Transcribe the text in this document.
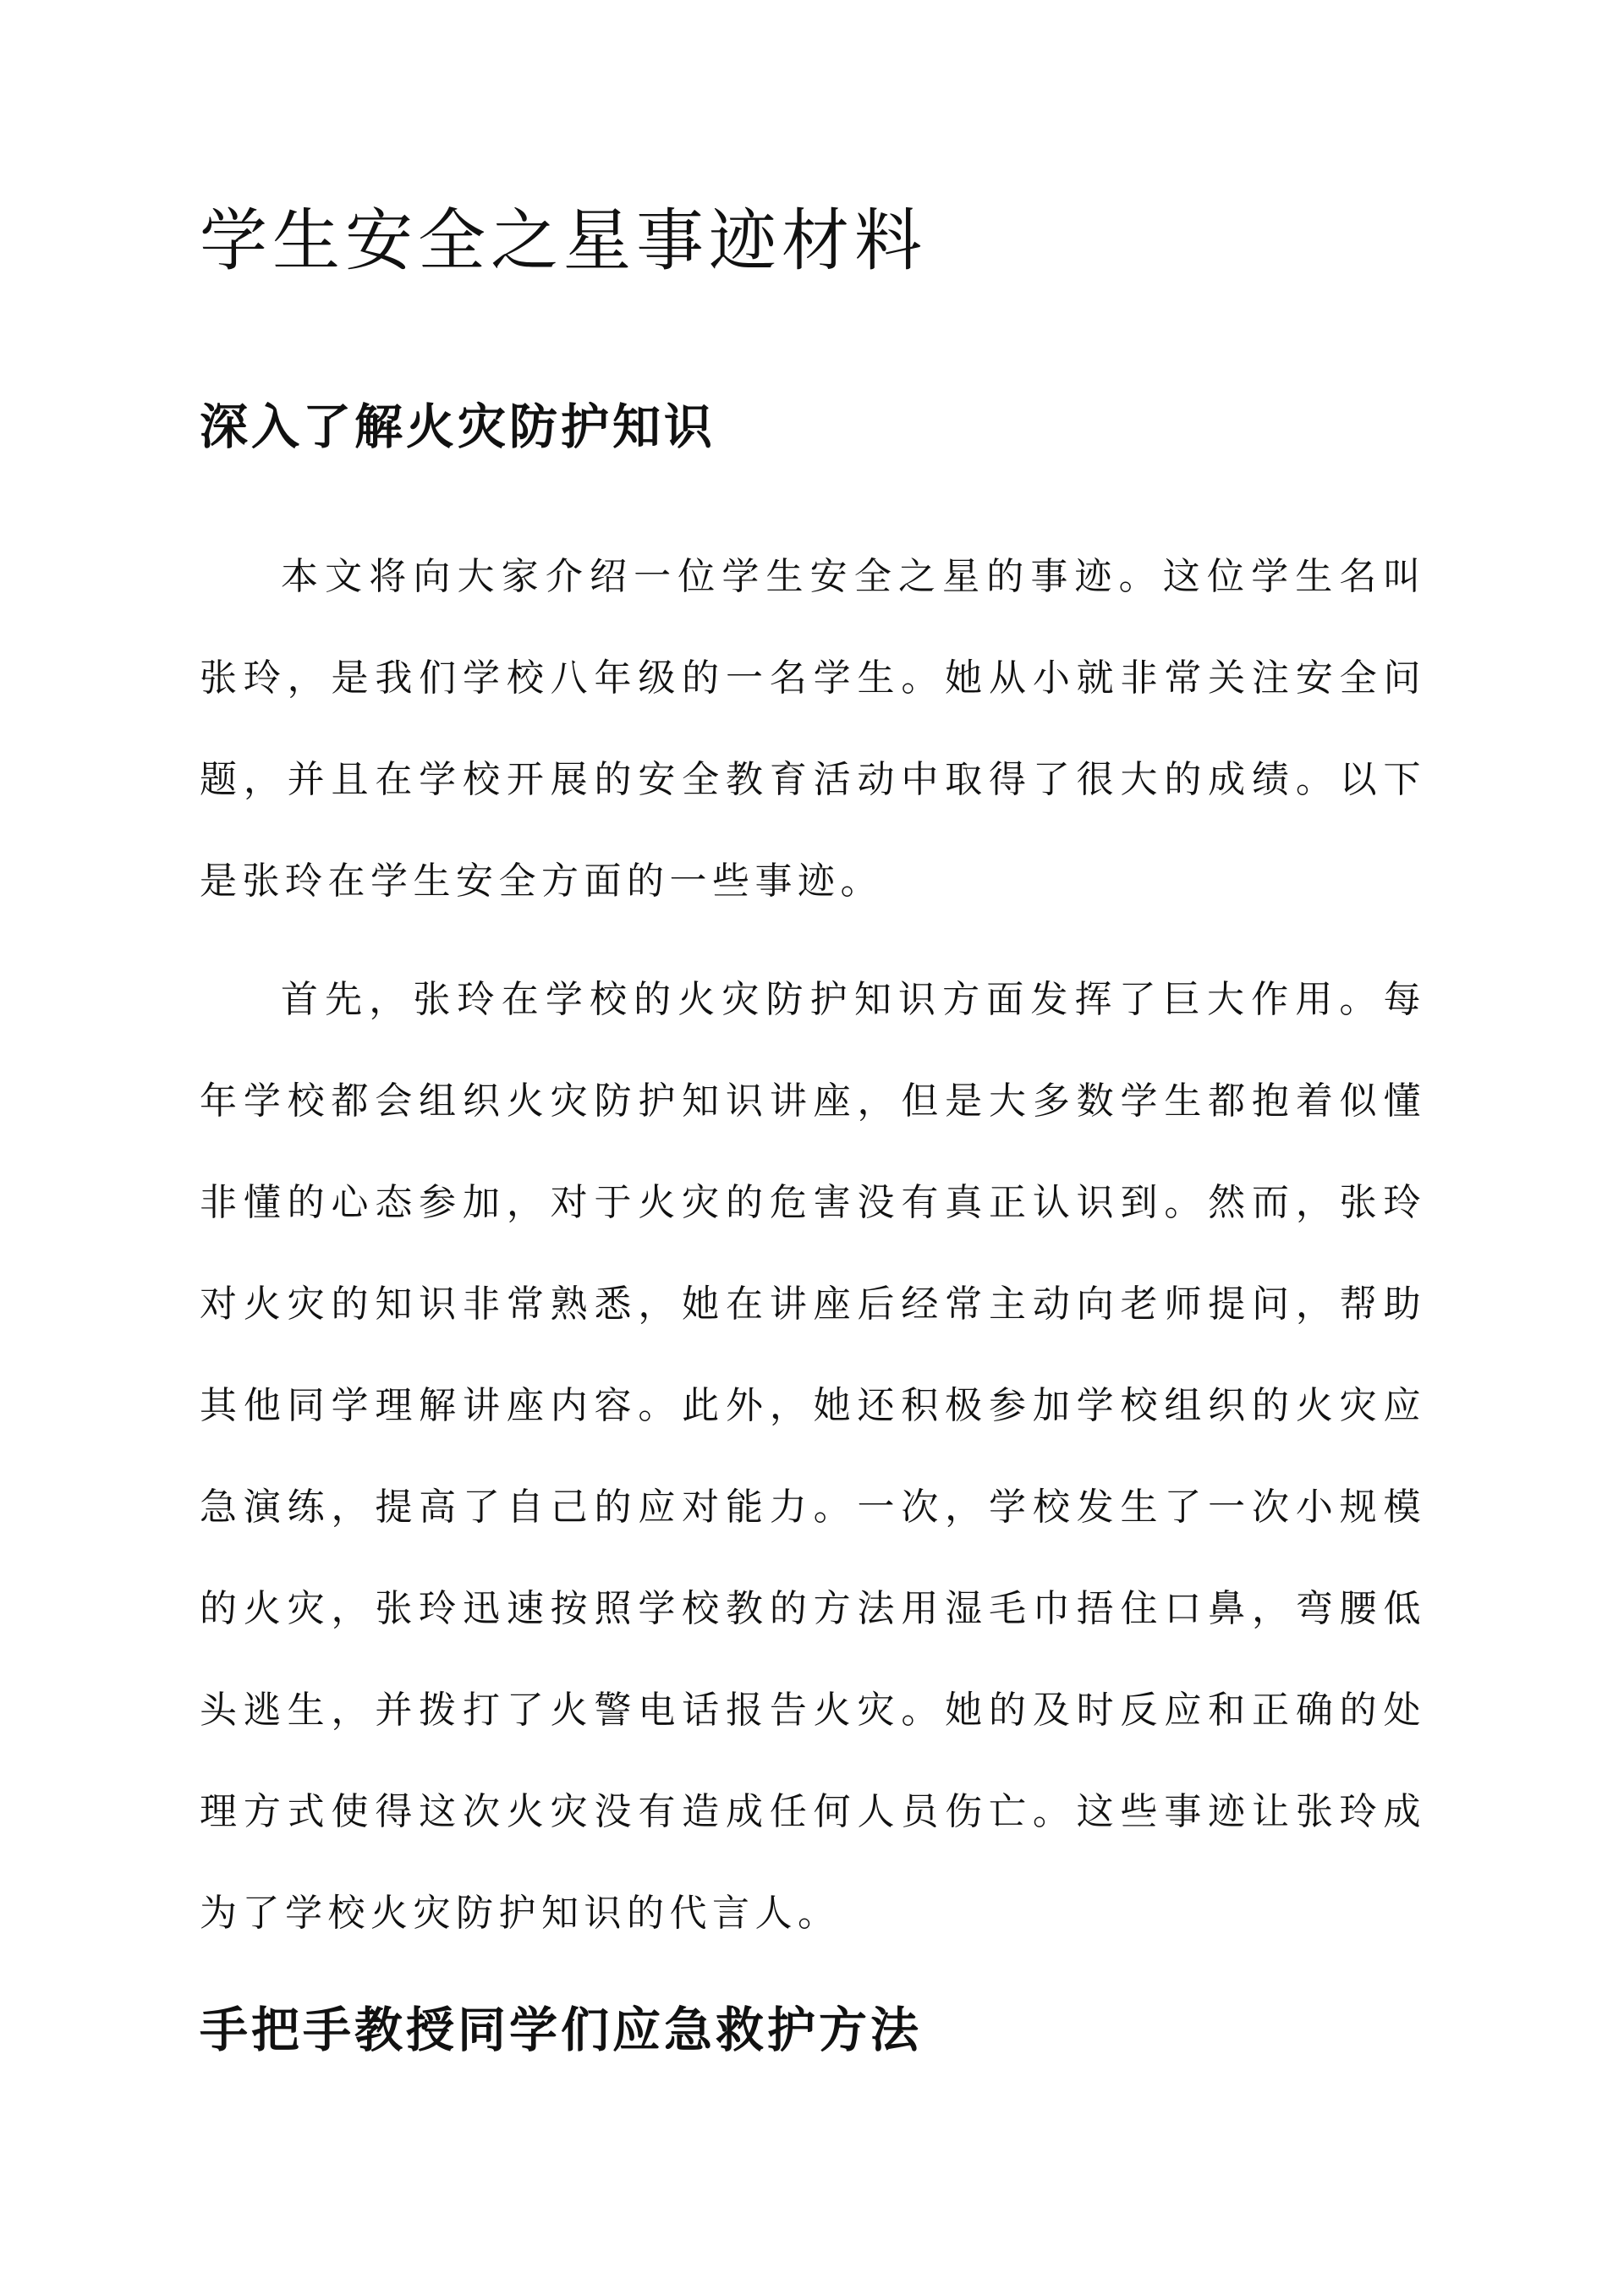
学生安全之星事迹材料
深入了解火灾防护知识

本文将向大家介绍一位学生安全之星的事迹。这位学生名叫张玲，是我们学校八年级的一名学生。她从小就非常关注安全问题，并且在学校开展的安全教育活动中取得了很大的成绩。以下是张玲在学生安全方面的一些事迹。

首先，张玲在学校的火灾防护知识方面发挥了巨大作用。每年学校都会组织火灾防护知识讲座，但是大多数学生都抱着似懂非懂的心态参加，对于火灾的危害没有真正认识到。然而，张玲对火灾的知识非常熟悉，她在讲座后经常主动向老师提问，帮助其他同学理解讲座内容。此外，她还积极参加学校组织的火灾应急演练，提高了自己的应对能力。一次，学校发生了一次小规模的火灾，张玲迅速按照学校教的方法用湿毛巾捂住口鼻，弯腰低头逃生，并拨打了火警电话报告火灾。她的及时反应和正确的处理方式使得这次火灾没有造成任何人员伤亡。这些事迹让张玲成为了学校火灾防护知识的代言人。

手把手教授同学们应急救护方法
